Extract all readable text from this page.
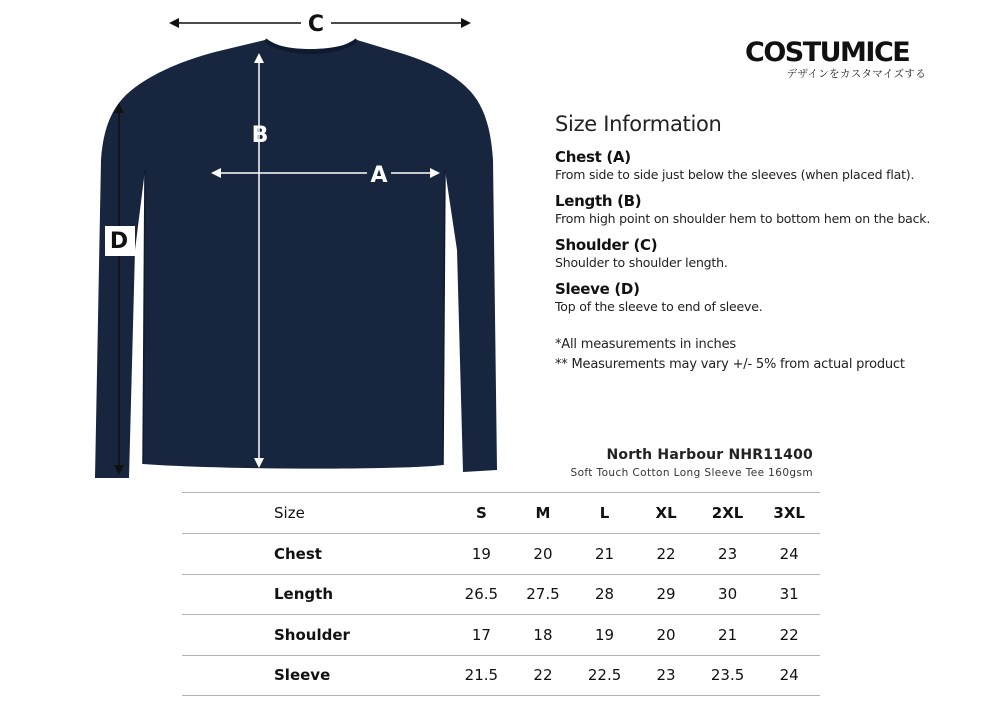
C
D
B
A
COSTUMICE
デザインをカスタマイズする
Size Information
Chest (A)
From side to side just below the sleeves (when placed flat).
Length (B)
From high point on shoulder hem to bottom hem on the back.
Shoulder (C)
Shoulder to shoulder length.
Sleeve (D)
Top of the sleeve to end of sleeve.
*All measurements in inches
** Measurements may vary +/- 5% from actual product
North Harbour NHR11400
Soft Touch Cotton Long Sleeve Tee 160gsm
Size	S	M	L	XL	2XL	3XL
Chest	19	20	21	22	23	24
Length	26.5	27.5	28	29	30	31
Shoulder	17	18	19	20	21	22
Sleeve	21.5	22	22.5	23	23.5	24
